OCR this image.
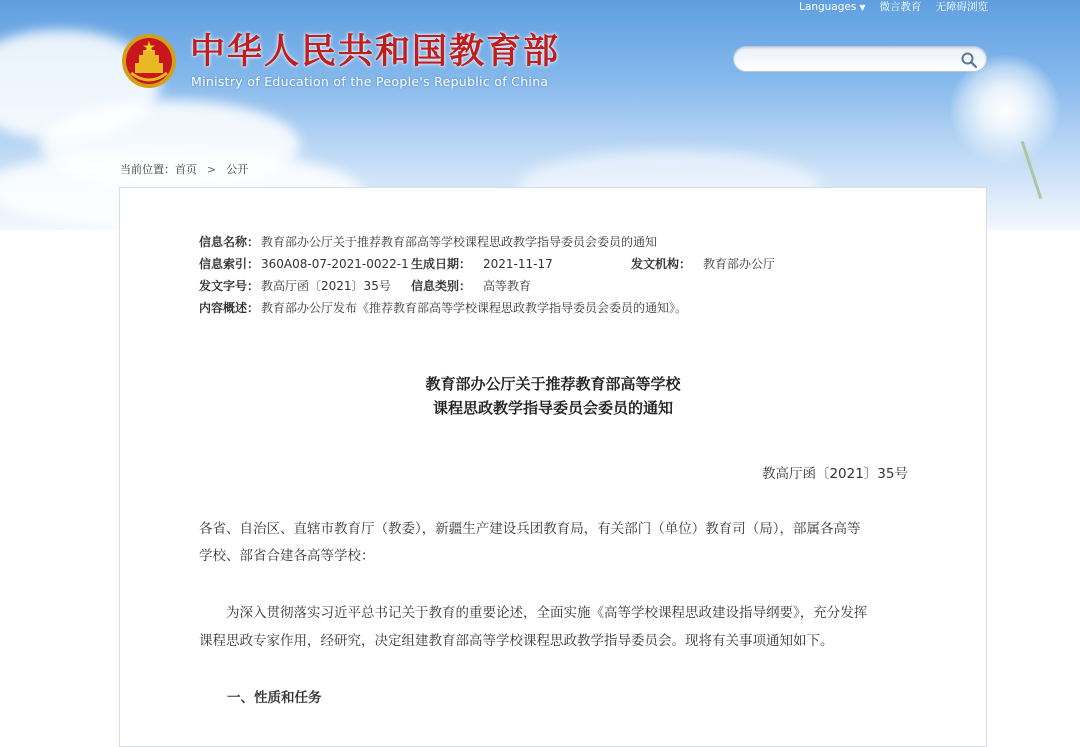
Languages ▼ 微言教育 无障碍浏览
中华人民共和国教育部
Ministry of Education of the People's Republic of China
当前位置：首页 > 公开
信息名称： 教育部办公厅关于推荐教育部高等学校课程思政教学指导委员会委员的通知
信息索引： 360A08-07-2021-0022-1 生成日期： 2021-11-17	发文机构： 教育部办公厅
发文字号： 教高厅函〔2021〕35号 信息类别： 高等教育
内容概述： 教育部办公厅发布《推荐教育部高等学校课程思政教学指导委员会委员的通知》。
教育部办公厅关于推荐教育部高等学校
课程思政教学指导委员会委员的通知
教高厅函〔2021〕35号
各省、自治区、直辖市教育厅（教委），新疆生产建设兵团教育局，有关部门（单位）教育司（局），部属各高等
学校、部省合建各高等学校：
为深入贯彻落实习近平总书记关于教育的重要论述，全面实施《高等学校课程思政建设指导纲要》，充分发挥
课程思政专家作用，经研究，决定组建教育部高等学校课程思政教学指导委员会。现将有关事项通知如下。
一、性质和任务
